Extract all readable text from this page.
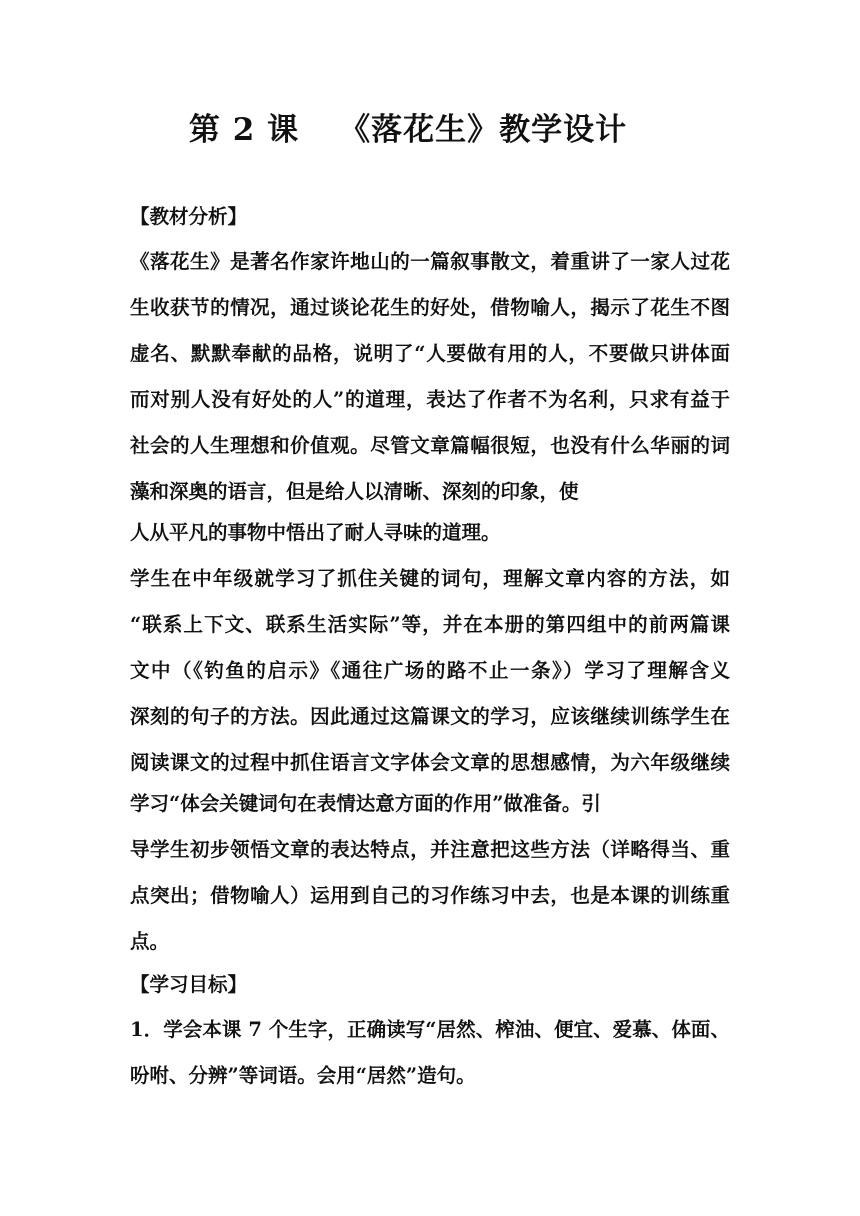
第 2 课 《落花生》教学设计
【教材分析】
《落花生》是著名作家许地山的一篇叙事散文，着重讲了一家人过花
生收获节的情况，通过谈论花生的好处，借物喻人，揭示了花生不图
虚名、默默奉献的品格，说明了“人要做有用的人，不要做只讲体面
而对别人没有好处的人”的道理，表达了作者不为名利，只求有益于
社会的人生理想和价值观。尽管文章篇幅很短，也没有什么华丽的词
藻和深奥的语言，但是给人以清晰、深刻的印象，使
人从平凡的事物中悟出了耐人寻味的道理。
学生在中年级就学习了抓住关键的词句，理解文章内容的方法，如
“联系上下文、联系生活实际”等，并在本册的第四组中的前两篇课
文中（《钓鱼的启示》《通往广场的路不止一条》）学习了理解含义
深刻的句子的方法。因此通过这篇课文的学习，应该继续训练学生在
阅读课文的过程中抓住语言文字体会文章的思想感情，为六年级继续
学习“体会关键词句在表情达意方面的作用”做准备。引
导学生初步领悟文章的表达特点，并注意把这些方法（详略得当、重
点突出；借物喻人）运用到自己的习作练习中去，也是本课的训练重
点。
【学习目标】
1．学会本课 7 个生字，正确读写“居然、榨油、便宜、爱慕、体面、
吩咐、分辨”等词语。会用“居然”造句。
